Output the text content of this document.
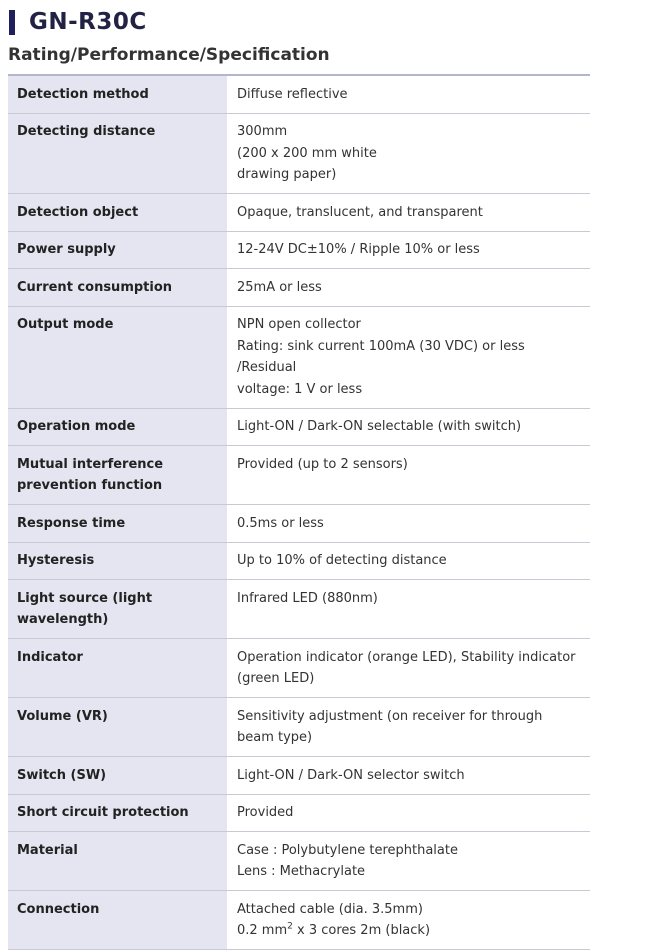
GN-R30C
Rating/Performance/Specification
Detection method	Diffuse reflective

Detecting distance	300mm
(200 x 200 mm white
drawing paper)

Detection object	Opaque, translucent, and transparent

Power supply	12-24V DC±10% / Ripple 10% or less

Current consumption	25mA or less

Output mode	NPN open collector
Rating: sink current 100mA (30 VDC) or less /Residual
voltage: 1 V or less

Operation mode	Light-ON / Dark-ON selectable (with switch)

Mutual interference prevention function	Provided (up to 2 sensors)

Response time	0.5ms or less

Hysteresis	Up to 10% of detecting distance

Light source (light wavelength)	Infrared LED (880nm)

Indicator	Operation indicator (orange LED), Stability indicator (green LED)

Volume (VR)	Sensitivity adjustment (on receiver for through beam type)

Switch (SW)	Light-ON / Dark-ON selector switch

Short circuit protection	Provided

Material	Case : Polybutylene terephthalate
Lens : Methacrylate

Connection	Attached cable (dia. 3.5mm)
0.2 $mm^2$ x 3 cores 2m (black)
